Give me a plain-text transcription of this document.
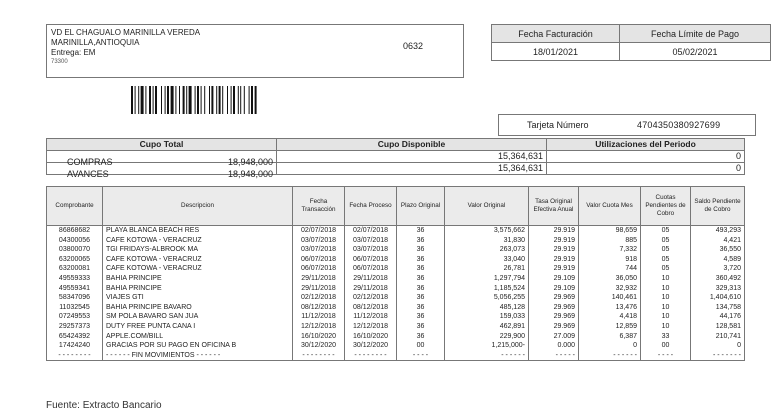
VD EL CHAGUALO MARINILLA VEREDA
MARINILLA,ANTIOQUIA
Entrega: EM
73300
0632
Fecha Facturación	Fecha Límite de Pago
18/01/2021	05/02/2021
Tarjeta Número	4704350380927699
Cupo Total	Cupo Disponible	Utilizaciones del Periodo

COMPRAS 18,948,000	15,364,631	0

AVANCES 18,948,000	15,364,631	0
Comprobante	Descripcion	Fecha Transacción	Fecha Proceso	Plazo Original	Valor Original	Tasa Original Efectiva Anual	Valor Cuota Mes	Cuotas Pendientes de Cobro	Saldo Pendiente de Cobro
86868682	PLAYA BLANCA BEACH RES	02/07/2018	02/07/2018	36	3,575,662	29.919	98,659	05	493,293
04300056	CAFE KOTOWA - VERACRUZ	03/07/2018	03/07/2018	36	31,830	29.919	885	05	4,421
03800070	TGI FRIDAYS-ALBROOK MA	03/07/2018	03/07/2018	36	263,073	29.919	7,332	05	36,550
63200065	CAFE KOTOWA - VERACRUZ	06/07/2018	06/07/2018	36	33,040	29.919	918	05	4,589
63200081	CAFE KOTOWA - VERACRUZ	06/07/2018	06/07/2018	36	26,781	29.919	744	05	3,720
49559333	BAHIA PRINCIPE	29/11/2018	29/11/2018	36	1,297,794	29.109	36,050	10	360,492
49559341	BAHIA PRINCIPE	29/11/2018	29/11/2018	36	1,185,524	29.109	32,932	10	329,313
58347096	VIAJES GTI	02/12/2018	02/12/2018	36	5,056,255	29.969	140,461	10	1,404,610
11032545	BAHIA PRINCIPE BAVARO	08/12/2018	08/12/2018	36	485,128	29.969	13,476	10	134,758
07249553	SM POLA BAVARO SAN JUA	11/12/2018	11/12/2018	36	159,033	29.969	4,418	10	44,176
29257373	DUTY FREE PUNTA CANA I	12/12/2018	12/12/2018	36	462,891	29.969	12,859	10	128,581
65424392	APPLE.COM/BILL	16/10/2020	16/10/2020	36	229,900	27.009	6,387	33	210,741
17424240	GRACIAS POR SU PAGO EN OFICINA B	30/12/2020	30/12/2020	00	1,215,000-	0.000	0	00	0
- - - - - - - -	- - - - - - FIN MOVIMIENTOS - - - - - -	- - - - - - - -	- - - - - - - -	- - - -	- - - - - -	- - - - -	- - - - - -	- - - -	- - - - - - -
Fuente: Extracto Bancario
